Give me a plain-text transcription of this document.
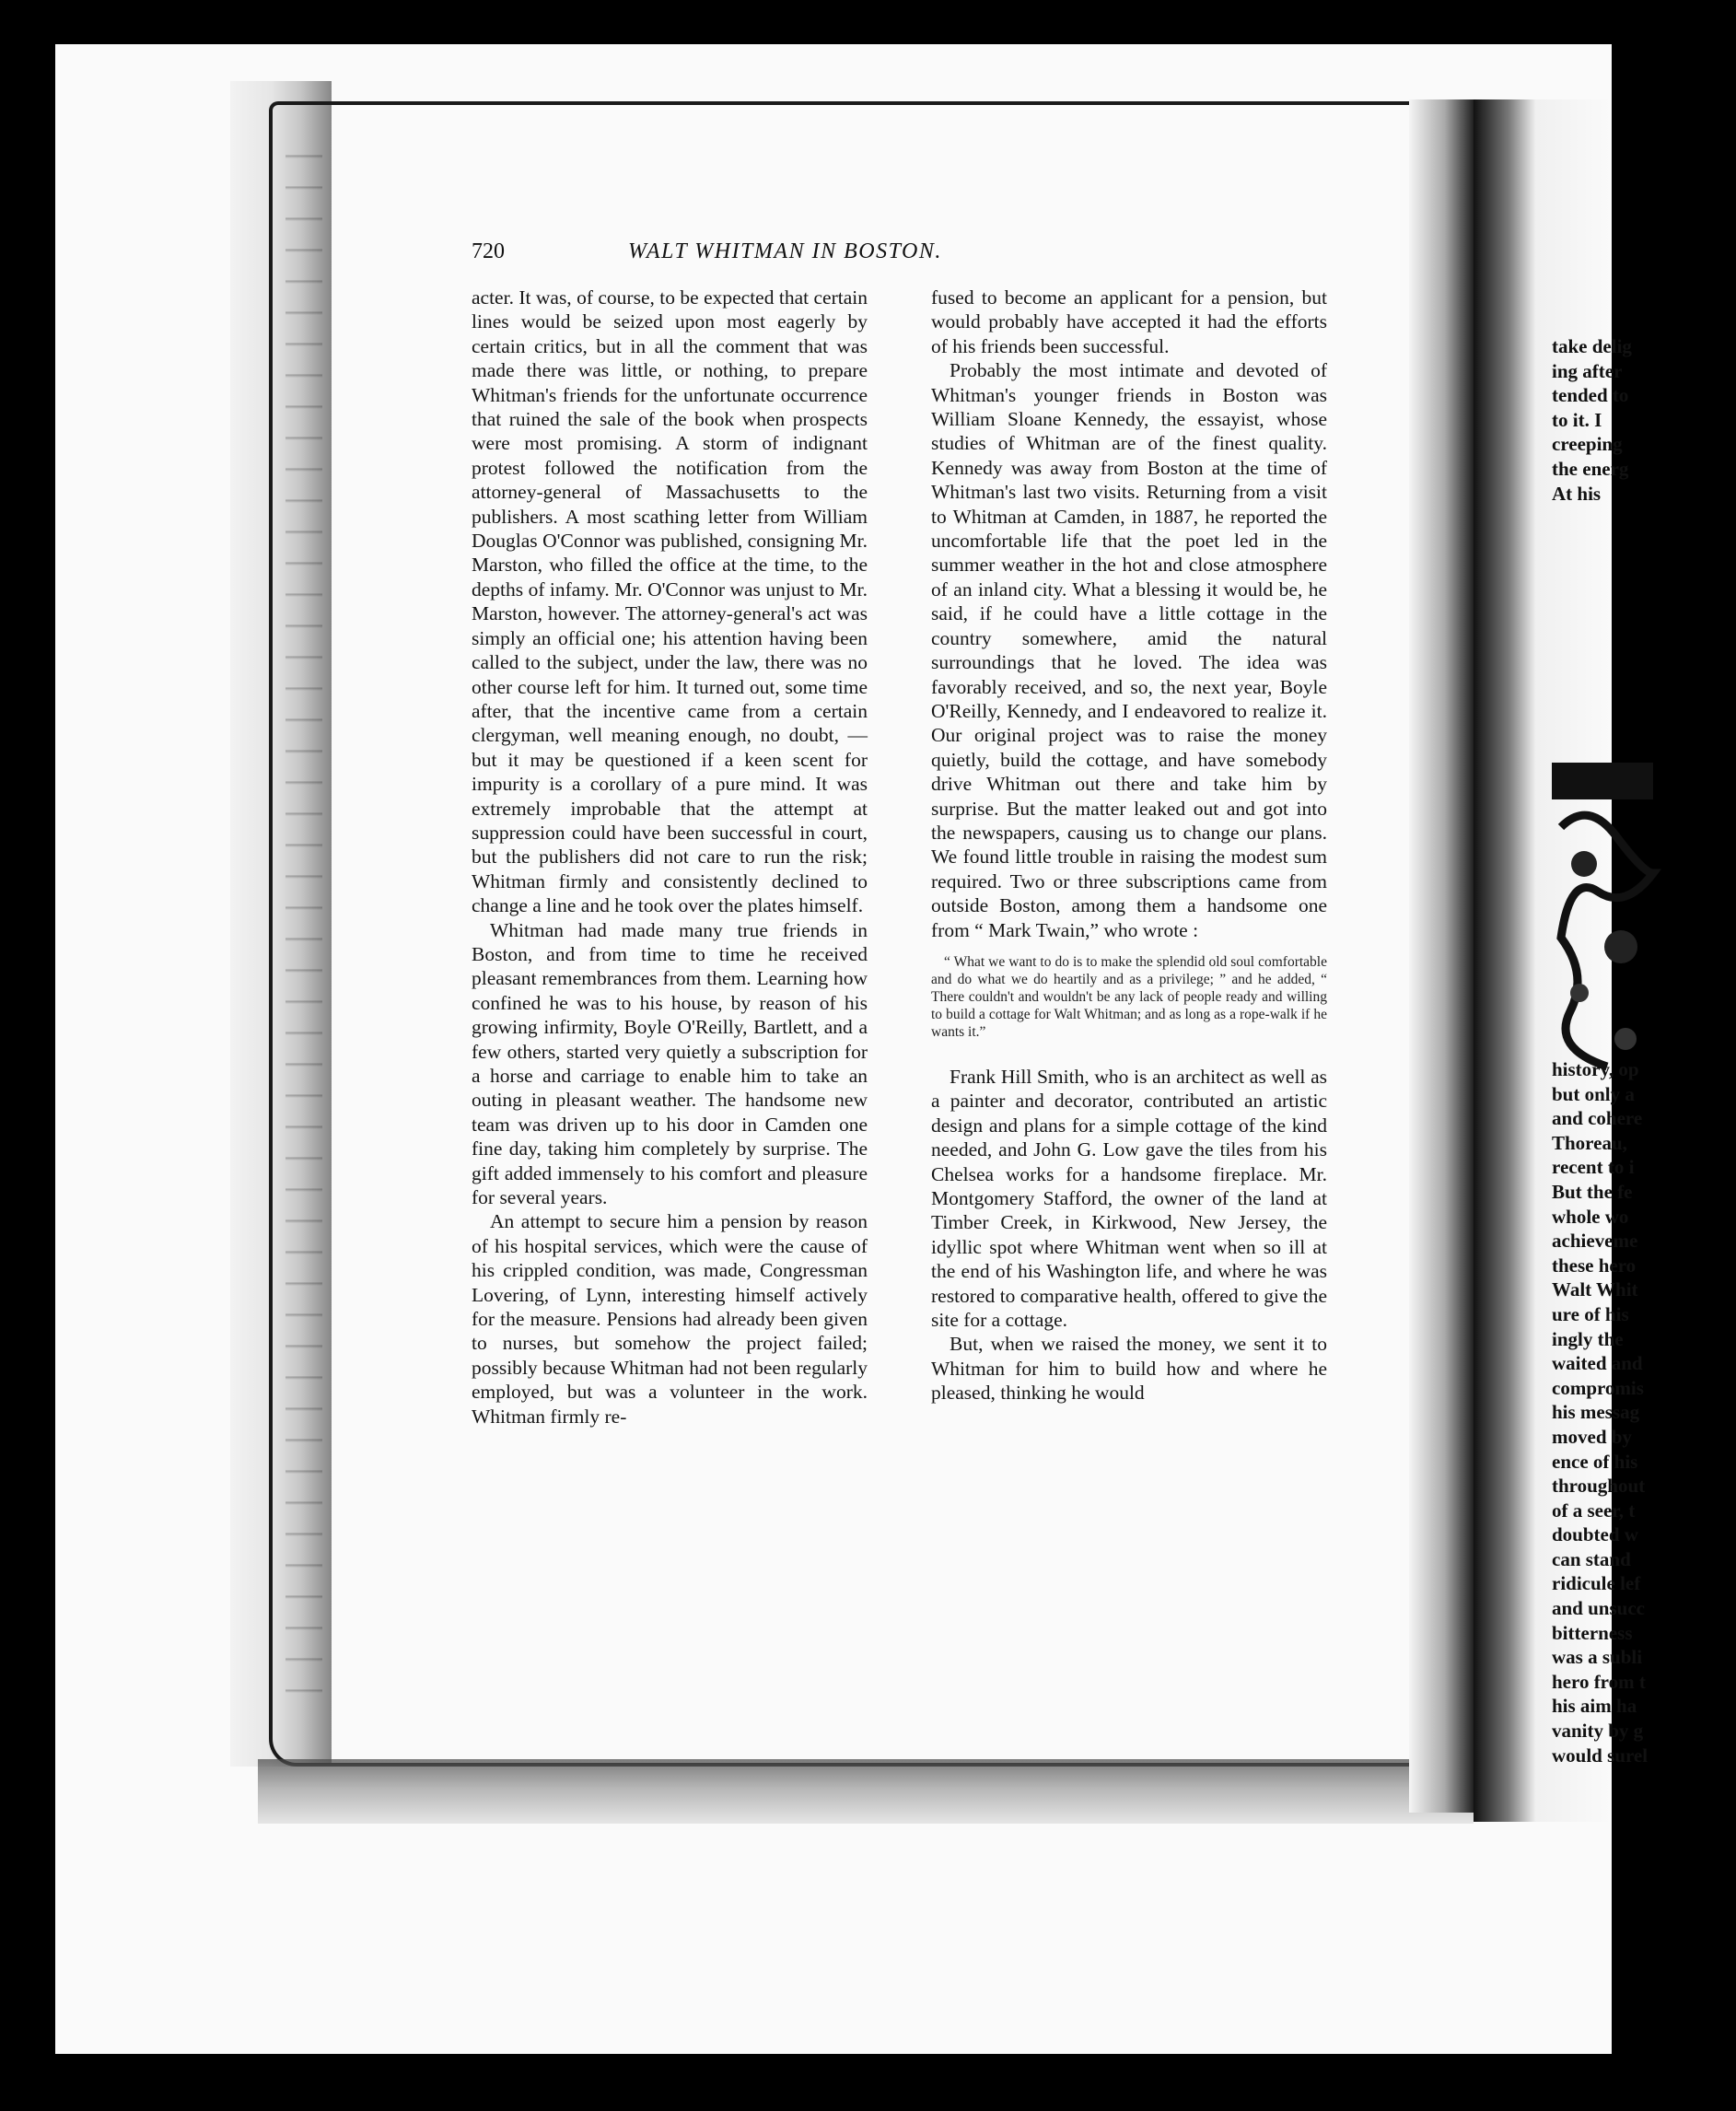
take delig
ing after
tended to
to it. I
creeping
the energ
At his
history, op
but only a
and cohere
Thoreau,
recent to i
But the fe
whole wo
achieveme
these hero
Walt Whit
ure of his
ingly the
waited and
compromis
his messag
moved by
ence of his
throughout
of a seer, t
doubted w
can stand
ridicule lef
and unsucc
bitterness
was a subli
hero from t
his aim ha
vanity by g
would surel
720	WALT WHITMAN IN BOSTON.

acter. It was, of course, to be expected that certain lines would be seized upon most eagerly by certain critics, but in all the comment that was made there was little, or nothing, to prepare Whitman's friends for the unfortunate occurrence that ruined the sale of the book when prospects were most promising. A storm of indignant protest followed the notification from the attorney-general of Massachusetts to the publishers. A most scathing letter from William Douglas O'Connor was published, consigning Mr. Marston, who filled the office at the time, to the depths of infamy. Mr. O'Connor was unjust to Mr. Marston, however. The attorney-general's act was simply an official one; his attention having been called to the subject, under the law, there was no other course left for him. It turned out, some time after, that the incentive came from a certain clergyman, well meaning enough, no doubt, — but it may be questioned if a keen scent for impurity is a corollary of a pure mind. It was extremely improbable that the attempt at suppression could have been successful in court, but the publishers did not care to run the risk; Whitman firmly and consistently declined to change a line and he took over the plates himself.

Whitman had made many true friends in Boston, and from time to time he received pleasant remembrances from them. Learning how confined he was to his house, by reason of his growing infirmity, Boyle O'Reilly, Bartlett, and a few others, started very quietly a subscription for a horse and carriage to enable him to take an outing in pleasant weather. The handsome new team was driven up to his door in Camden one fine day, taking him completely by surprise. The gift added immensely to his comfort and pleasure for several years.

An attempt to secure him a pension by reason of his hospital services, which were the cause of his crippled condition, was made, Congressman Lovering, of Lynn, interesting himself actively for the measure. Pensions had already been given to nurses, but somehow the project failed; possibly because Whitman had not been regularly employed, but was a volunteer in the work. Whitman firmly re-

fused to become an applicant for a pension, but would probably have accepted it had the efforts of his friends been successful.

Probably the most intimate and devoted of Whitman's younger friends in Boston was William Sloane Kennedy, the essayist, whose studies of Whitman are of the finest quality. Kennedy was away from Boston at the time of Whitman's last two visits. Returning from a visit to Whitman at Camden, in 1887, he reported the uncomfortable life that the poet led in the summer weather in the hot and close atmosphere of an inland city. What a blessing it would be, he said, if he could have a little cottage in the country somewhere, amid the natural surroundings that he loved. The idea was favorably received, and so, the next year, Boyle O'Reilly, Kennedy, and I endeavored to realize it. Our original project was to raise the money quietly, build the cottage, and have somebody drive Whitman out there and take him by surprise. But the matter leaked out and got into the newspapers, causing us to change our plans. We found little trouble in raising the modest sum required. Two or three subscriptions came from outside Boston, among them a handsome one from “ Mark Twain,” who wrote :

“ What we want to do is to make the splendid old soul comfortable and do what we do heartily and as a privilege; ” and he added, “ There couldn't and wouldn't be any lack of people ready and willing to build a cottage for Walt Whitman; and as long as a rope-walk if he wants it.”

Frank Hill Smith, who is an architect as well as a painter and decorator, contributed an artistic design and plans for a simple cottage of the kind needed, and John G. Low gave the tiles from his Chelsea works for a handsome fireplace. Mr. Montgomery Stafford, the owner of the land at Timber Creek, in Kirkwood, New Jersey, the idyllic spot where Whitman went when so ill at the end of his Washington life, and where he was restored to comparative health, offered to give the site for a cottage.

But, when we raised the money, we sent it to Whitman for him to build how and where he pleased, thinking he would
